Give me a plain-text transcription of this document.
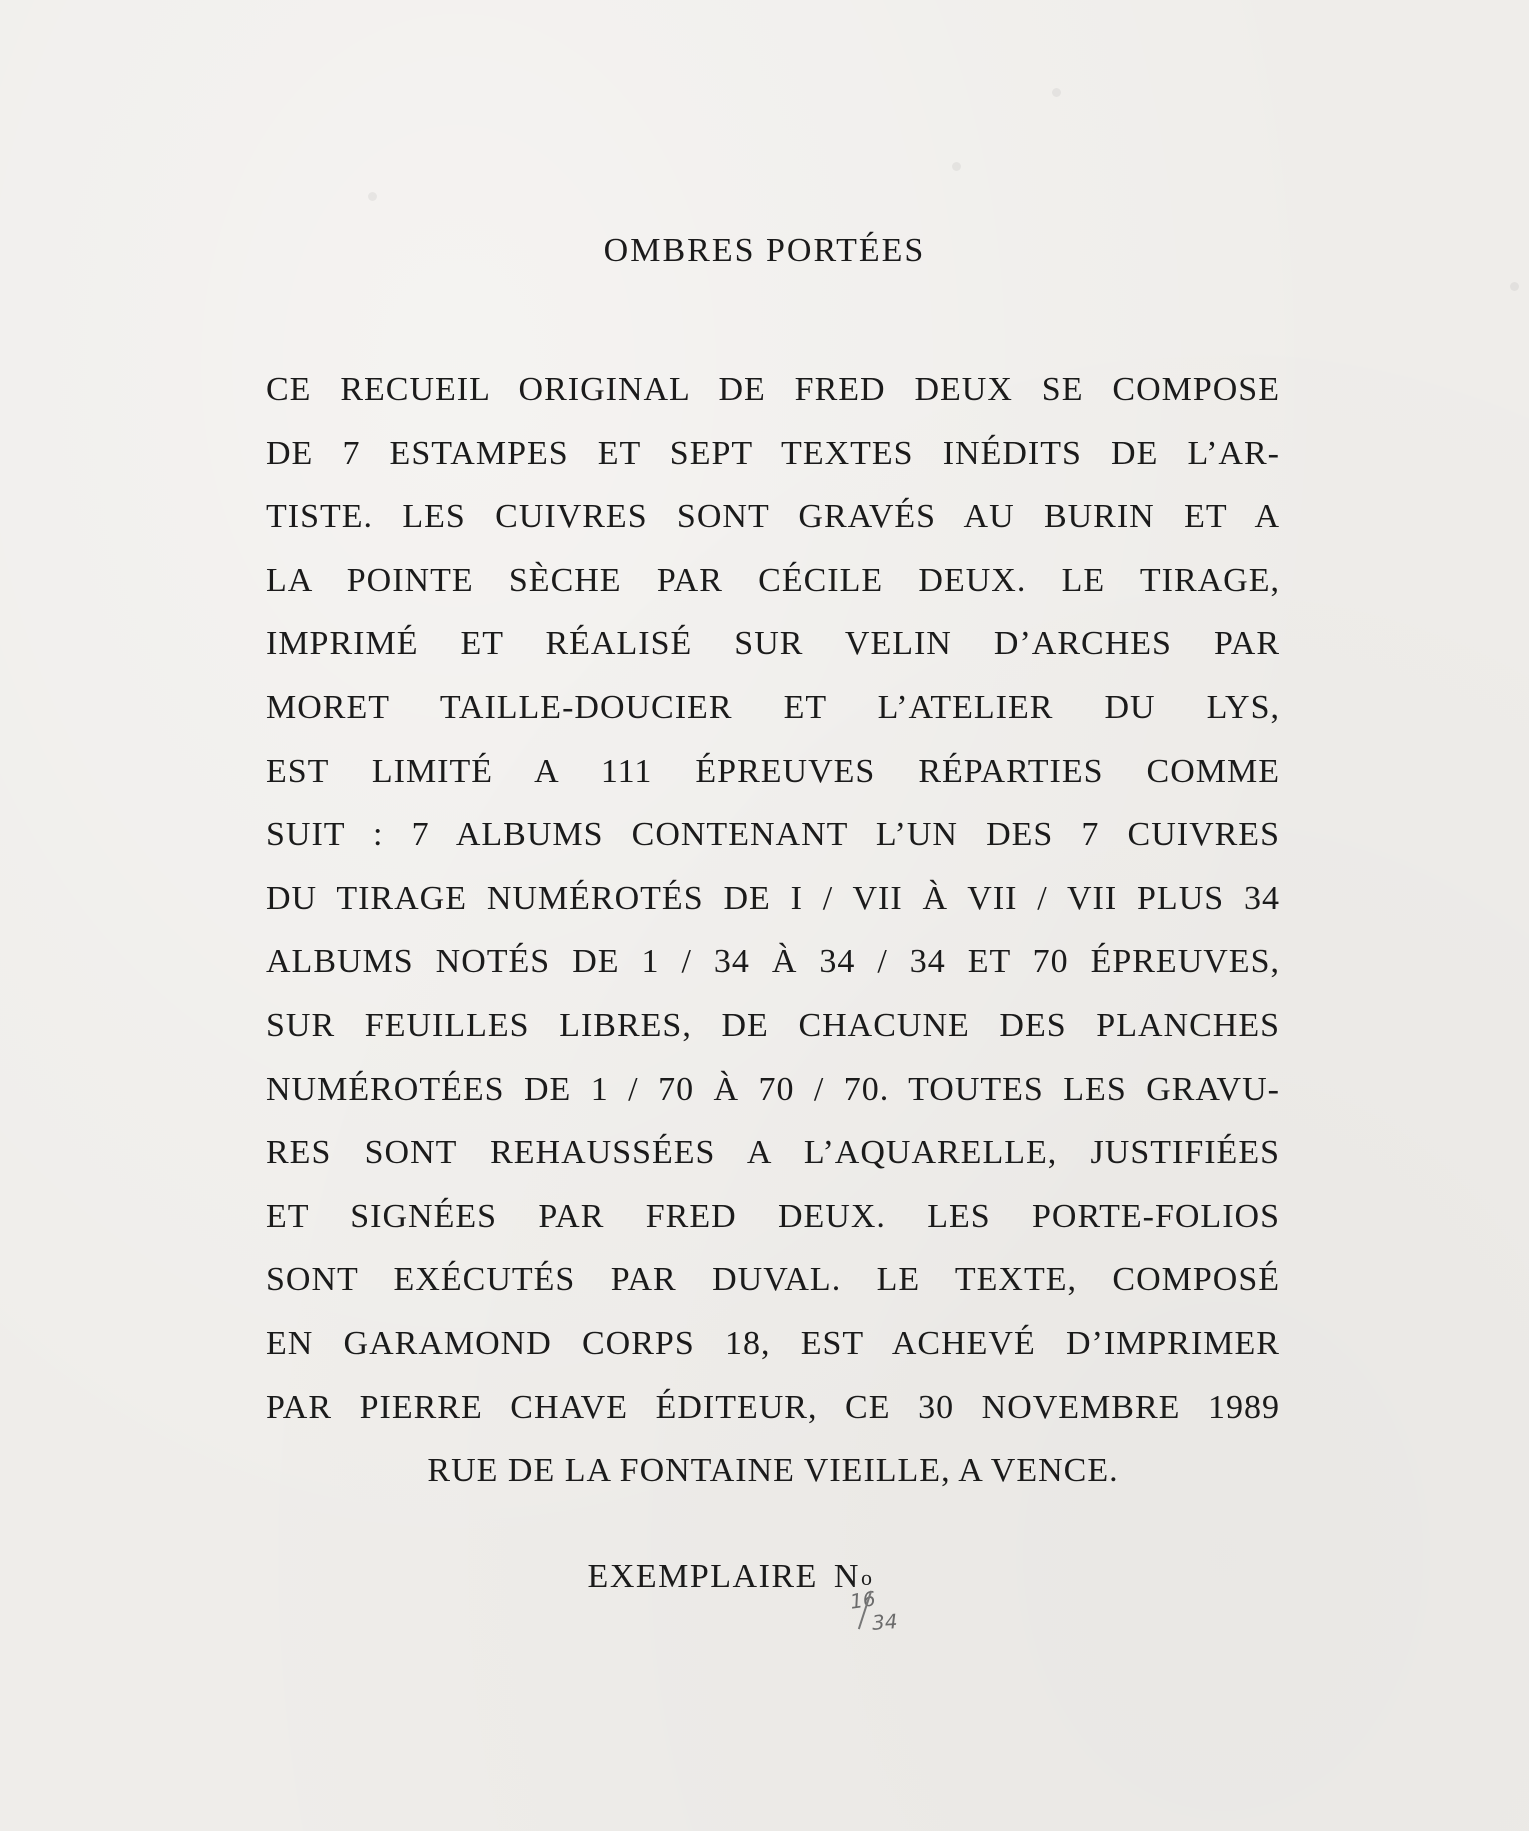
OMBRES PORTÉES
CE RECUEIL ORIGINAL DE FRED DEUX SE COMPOSE
DE 7 ESTAMPES ET SEPT TEXTES INÉDITS DE L’AR-
TISTE. LES CUIVRES SONT GRAVÉS AU BURIN ET A
LA POINTE SÈCHE PAR CÉCILE DEUX. LE TIRAGE,
IMPRIMÉ ET RÉALISÉ SUR VELIN D’ARCHES PAR
MORET TAILLE-DOUCIER ET L’ATELIER DU LYS,
EST LIMITÉ A 111 ÉPREUVES RÉPARTIES COMME
SUIT : 7 ALBUMS CONTENANT L’UN DES 7 CUIVRES
DU TIRAGE NUMÉROTÉS DE I / VII À VII / VII PLUS 34
ALBUMS NOTÉS DE 1 / 34 À 34 / 34 ET 70 ÉPREUVES,
SUR FEUILLES LIBRES, DE CHACUNE DES PLANCHES
NUMÉROTÉES DE 1 / 70 À 70 / 70. TOUTES LES GRAVU-
RES SONT REHAUSSÉES A L’AQUARELLE, JUSTIFIÉES
ET SIGNÉES PAR FRED DEUX. LES PORTE-FOLIOS
SONT EXÉCUTÉS PAR DUVAL. LE TEXTE, COMPOSÉ
EN GARAMOND CORPS 18, EST ACHEVÉ D’IMPRIMER
PAR PIERRE CHAVE ÉDITEUR, CE 30 NOVEMBRE 1989
RUE DE LA FONTAINE VIEILLE, A VENCE.
EXEMPLAIRE $N^o$
16
34
